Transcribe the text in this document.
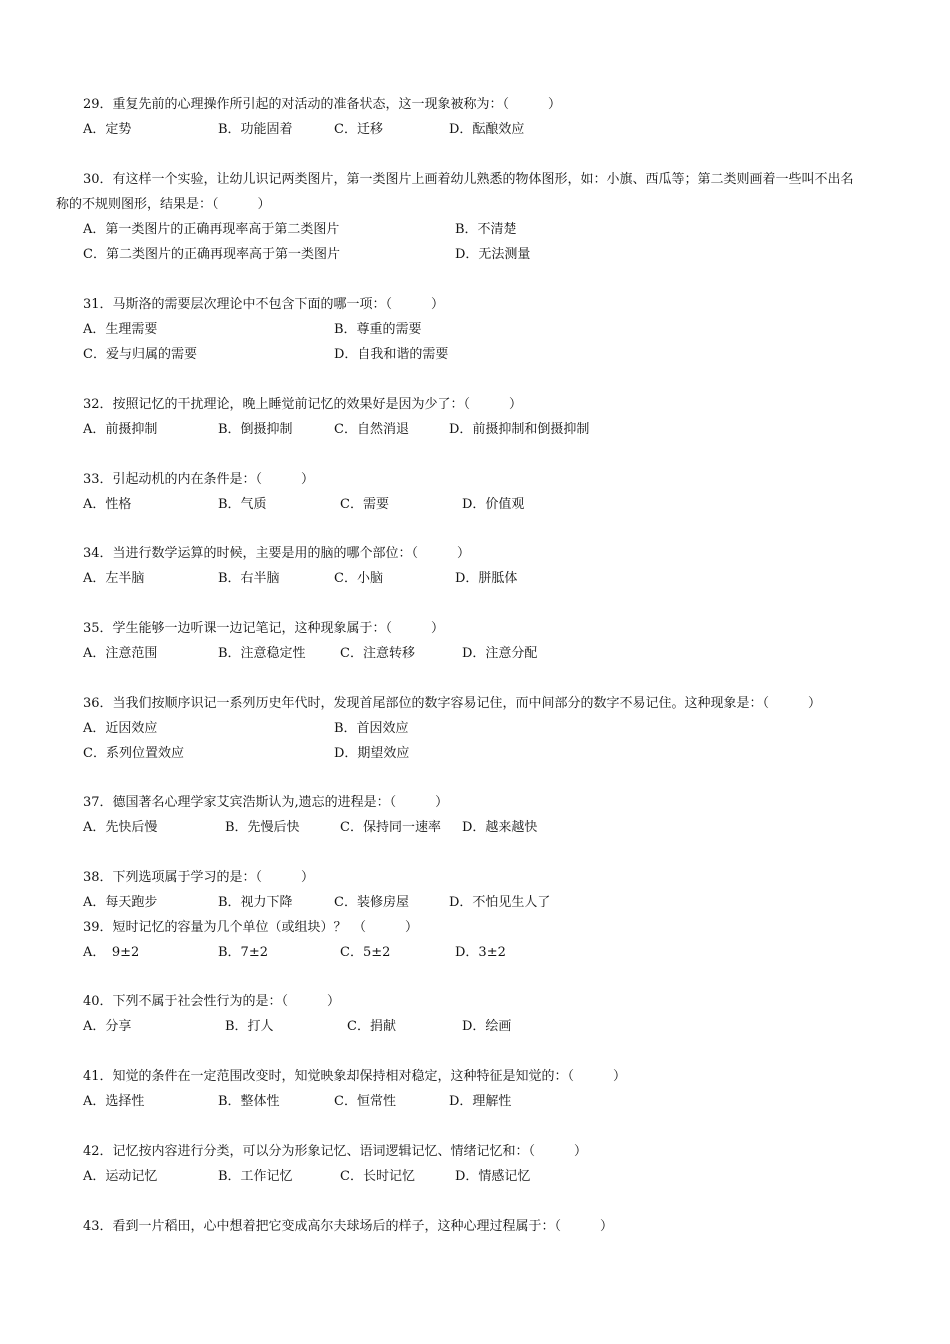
29．重复先前的心理操作所引起的对活动的准备状态，这一现象被称为：（　　　）
A．定势	B．功能固着	C．迁移	D．酝酿效应
30．有这样一个实验，让幼儿识记两类图片，第一类图片上画着幼儿熟悉的物体图形，如：小旗、西瓜等；第二类则画着一些叫不出名
称的不规则图形，结果是：（　　　）
A．第一类图片的正确再现率高于第二类图片	B．不清楚
C．第二类图片的正确再现率高于第一类图片	D．无法测量
31．马斯洛的需要层次理论中不包含下面的哪一项：（　　　）
A．生理需要	B．尊重的需要
C．爱与归属的需要	D．自我和谐的需要
32．按照记忆的干扰理论，晚上睡觉前记忆的效果好是因为少了：（　　　）
A．前摄抑制	B．倒摄抑制	C．自然消退	D．前摄抑制和倒摄抑制
33．引起动机的内在条件是：（　　　）
A．性格	B．气质	C．需要	D．价值观
34．当进行数学运算的时候，主要是用的脑的哪个部位：（　　　）
A．左半脑	B．右半脑	C．小脑	D．胼胝体
35．学生能够一边听课一边记笔记，这种现象属于：（　　　）
A．注意范围	B．注意稳定性	C．注意转移	D．注意分配
36．当我们按顺序识记一系列历史年代时，发现首尾部位的数字容易记住，而中间部分的数字不易记住。这种现象是：（　　　）
A．近因效应	B．首因效应
C．系列位置效应	D．期望效应
37．德国著名心理学家艾宾浩斯认为,遗忘的进程是：（　　　）
A．先快后慢	B．先慢后快	C．保持同一速率 D．越来越快
38．下列选项属于学习的是：（　　　）
A．每天跑步	B．视力下降	C．装修房屋	D．不怕见生人了
39．短时记忆的容量为几个单位（或组块）？　（　　　）
A．　9±2	B．7±2	C．5±2	D．3±2
40．下列不属于社会性行为的是：（　　　）
A．分享	B．打人	C．捐献	D．绘画
41．知觉的条件在一定范围改变时，知觉映象却保持相对稳定，这种特征是知觉的：（　　　）
A．选择性	B．整体性	C．恒常性	D．理解性
42．记忆按内容进行分类，可以分为形象记忆、语词逻辑记忆、情绪记忆和：（　　　）
A．运动记忆	B．工作记忆	C．长时记忆	D．情感记忆
43．看到一片稻田，心中想着把它变成高尔夫球场后的样子，这种心理过程属于：（　　　）
